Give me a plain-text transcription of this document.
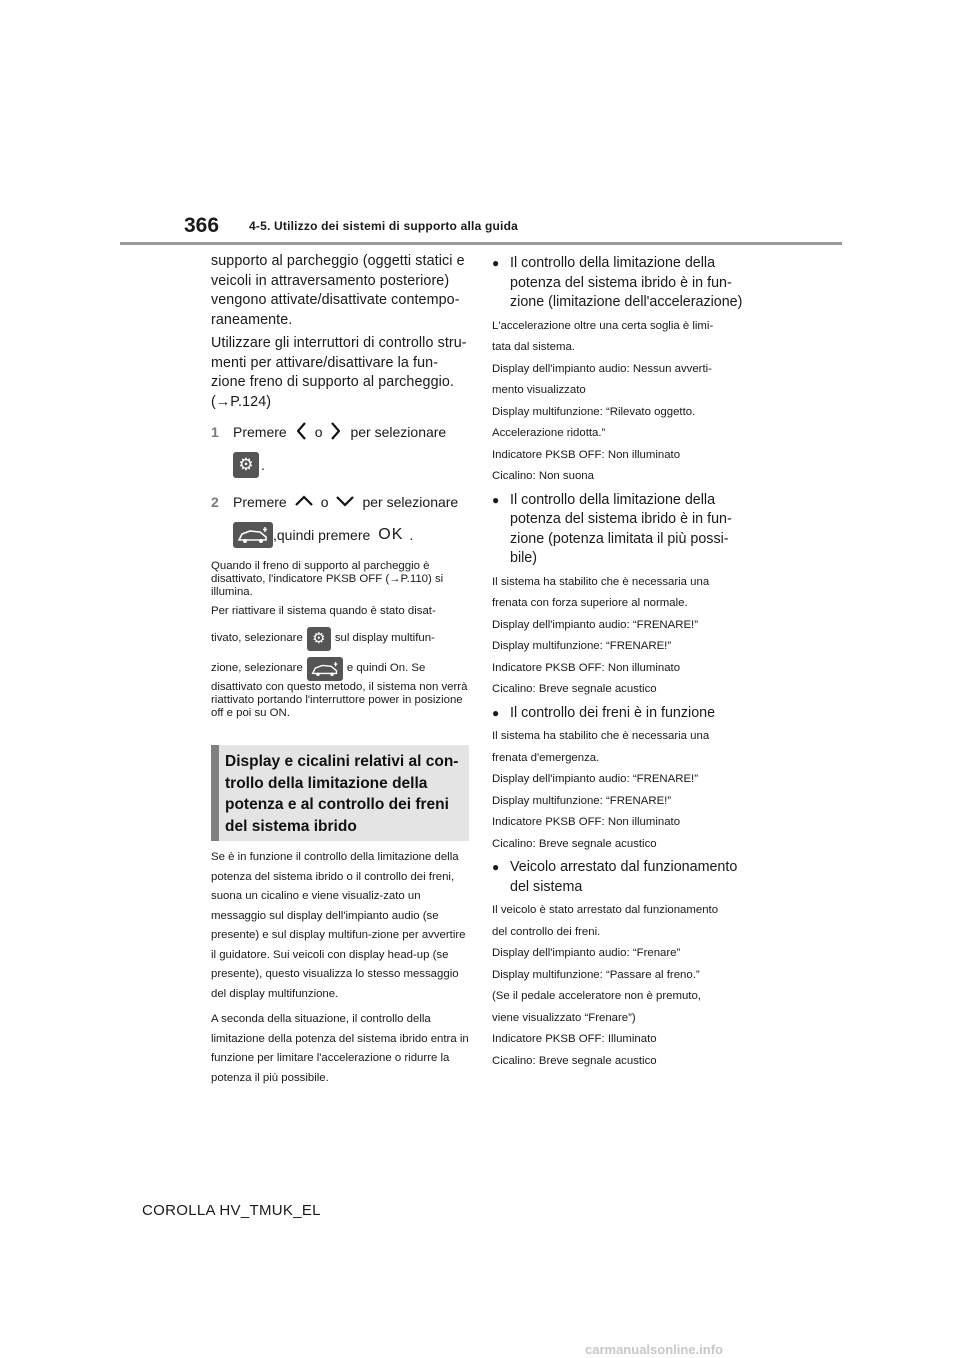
366 4-5. Utilizzo dei sistemi di supporto alla guida

supporto al parcheggio (oggetti statici e veicoli in attraversamento posteriore) vengono attivate/disattivate contempo-raneamente.

Utilizzare gli interruttori di controllo stru-menti per attivare/disattivare la fun-zione freno di supporto al parcheggio. (→P.124)

1	Premere o per selezionare
⚙ .
2	Premere o per selezionare
,quindi premere OK .

Quando il freno di supporto al parcheggio è disattivato, l'indicatore PKSB OFF (→P.110) si illumina.

Per riattivare il sistema quando è stato disat-

tivato, selezionare ⚙ sul display multifun-
zione, selezionare	e quindi On. Se

disattivato con questo metodo, il sistema non verrà riattivato portando l'interruttore power in posizione off e poi su ON.

Display e cicalini relativi al con-trollo della limitazione della potenza e al controllo dei freni del sistema ibrido

Se è in funzione il controllo della limitazione della potenza del sistema ibrido o il controllo dei freni, suona un cicalino e viene visualiz-zato un messaggio sul display dell'impianto audio (se presente) e sul display multifun-zione per avvertire il guidatore. Sui veicoli con display head-up (se presente), questo visualizza lo stesso messaggio del display multifunzione.

A seconda della situazione, il controllo della limitazione della potenza del sistema ibrido entra in funzione per limitare l'accelerazione o ridurre la potenza il più possibile.

● Il controllo della limitazione della potenza del sistema ibrido è in fun-zione (limitazione dell'accelerazione)

L'accelerazione oltre una certa soglia è limi-

tata dal sistema.

Display dell'impianto audio: Nessun avverti-

mento visualizzato

Display multifunzione: “Rilevato oggetto.

Accelerazione ridotta.”

Indicatore PKSB OFF: Non illuminato

Cicalino: Non suona

● Il controllo della limitazione della potenza del sistema ibrido è in fun-zione (potenza limitata il più possi-bile)

Il sistema ha stabilito che è necessaria una

frenata con forza superiore al normale.

Display dell'impianto audio: “FRENARE!”

Display multifunzione: “FRENARE!”

Indicatore PKSB OFF: Non illuminato

Cicalino: Breve segnale acustico

● Il controllo dei freni è in funzione

Il sistema ha stabilito che è necessaria una

frenata d'emergenza.

Display dell'impianto audio: “FRENARE!”

Display multifunzione: “FRENARE!”

Indicatore PKSB OFF: Non illuminato

Cicalino: Breve segnale acustico

● Veicolo arrestato dal funzionamento del sistema

Il veicolo è stato arrestato dal funzionamento

del controllo dei freni.

Display dell'impianto audio: “Frenare”

Display multifunzione: “Passare al freno.”

(Se il pedale acceleratore non è premuto,

viene visualizzato “Frenare”)

Indicatore PKSB OFF: Illuminato

Cicalino: Breve segnale acustico

COROLLA HV_TMUK_EL
carmanualsonline.info
